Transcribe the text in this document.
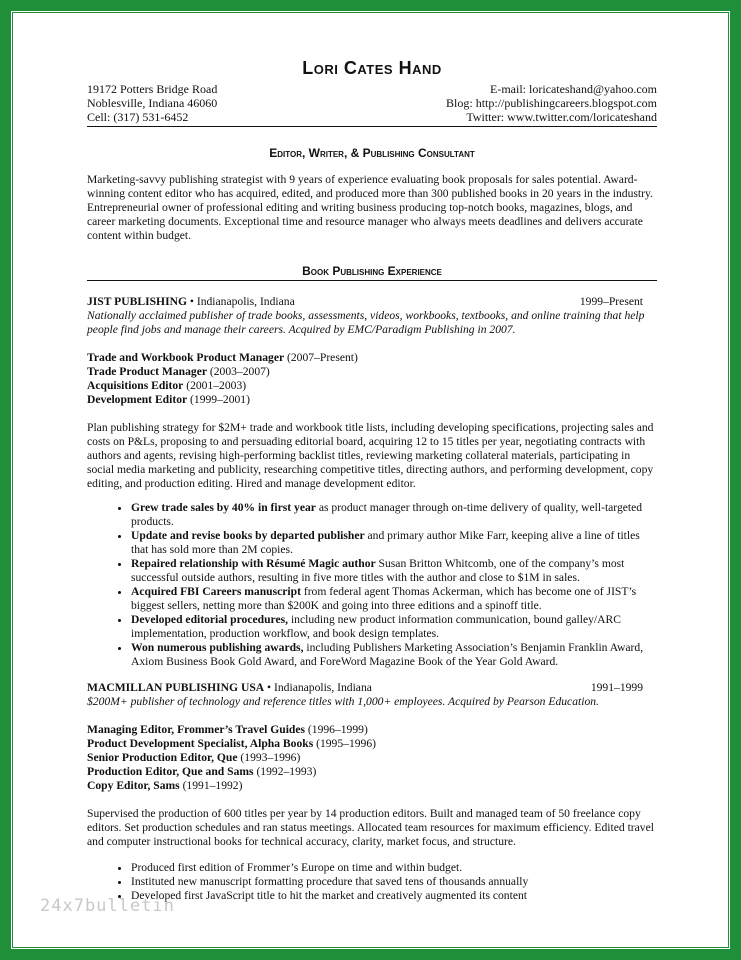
Lori Cates Hand
19172 Potters Bridge Road
Noblesville, Indiana 46060
Cell: (317) 531-6452
E-mail: loricateshand@yahoo.com
Blog: http://publishingcareers.blogspot.com
Twitter: www.twitter.com/loricateshand
Editor, Writer, & Publishing Consultant

Marketing-savvy publishing strategist with 9 years of experience evaluating book proposals for sales potential. Award-winning content editor who has acquired, edited, and produced more than 300 published books in 20 years in the industry. Entrepreneurial owner of professional editing and writing business producing top-notch books, magazines, blogs, and career marketing documents. Exceptional time and resource manager who always meets deadlines and delivers accurate content within budget.

Book Publishing Experience
JIST PUBLISHING • Indianapolis, Indiana	1999–Present

Nationally acclaimed publisher of trade books, assessments, videos, workbooks, textbooks, and online training that help people find jobs and manage their careers. Acquired by EMC/Paradigm Publishing in 2007.

Trade and Workbook Product Manager (2007–Present)
Trade Product Manager (2003–2007)
Acquisitions Editor (2001–2003)
Development Editor (1999–2001)

Plan publishing strategy for $2M+ trade and workbook title lists, including developing specifications, projecting sales and costs on P&Ls, proposing to and persuading editorial board, acquiring 12 to 15 titles per year, negotiating contracts with authors and agents, revising high-performing backlist titles, reviewing marketing collateral materials, participating in social media marketing and publicity, researching competitive titles, directing authors, and performing development, copy editing, and production editing. Hired and manage development editor.

• Grew trade sales by 40% in first year as product manager through on-time delivery of quality, well-targeted products.
• Update and revise books by departed publisher and primary author Mike Farr, keeping alive a line of titles that has sold more than 2M copies.
• Repaired relationship with Résumé Magic author Susan Britton Whitcomb, one of the company’s most successful outside authors, resulting in five more titles with the author and close to $1M in sales.
• Acquired FBI Careers manuscript from federal agent Thomas Ackerman, which has become one of JIST’s biggest sellers, netting more than $200K and going into three editions and a spinoff title.
• Developed editorial procedures, including new product information communication, bound galley/ARC implementation, production workflow, and book design templates.
• Won numerous publishing awards, including Publishers Marketing Association’s Benjamin Franklin Award, Axiom Business Book Gold Award, and ForeWord Magazine Book of the Year Gold Award.
MACMILLAN PUBLISHING USA • Indianapolis, Indiana	1991–1999

$200M+ publisher of technology and reference titles with 1,000+ employees. Acquired by Pearson Education.

Managing Editor, Frommer’s Travel Guides (1996–1999)
Product Development Specialist, Alpha Books (1995–1996)
Senior Production Editor, Que (1993–1996)
Production Editor, Que and Sams (1992–1993)
Copy Editor, Sams (1991–1992)

Supervised the production of 600 titles per year by 14 production editors. Built and managed team of 50 freelance copy editors. Set production schedules and ran status meetings. Allocated team resources for maximum efficiency. Edited travel and computer instructional books for technical accuracy, clarity, market focus, and structure.

• Produced first edition of Frommer’s Europe on time and within budget.
• Instituted new manuscript formatting procedure that saved tens of thousands annually
• Developed first JavaScript title to hit the market and creatively augmented its content
24x7bulletin
